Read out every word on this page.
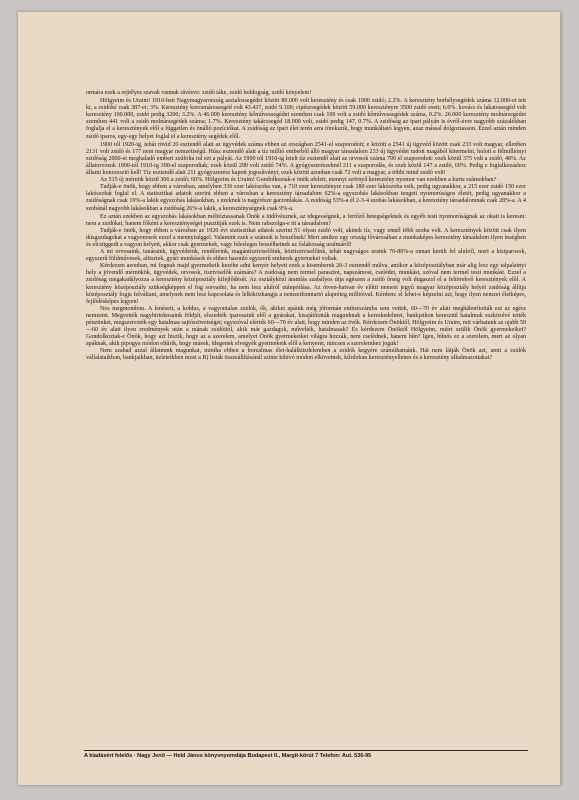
ormára ezek a rejtélyes szavak vannak rávésve: zsidó táke, zsidó boldogság, zsidó kényelem!

Hölgyeim és Uraim! 1910-ben Nagymagyarország asztalossegédei között 80.000 volt keresztény és csak 1900 zsidó; 2.2%. A keresztény borbélysegédek száma 12.000-et tett ki, a zsidóké csak 387-et; 3%. Keresztény korcsmárossegéd volt 43.437, zsidó 9.100; cipészsegédek között 59.000 keresztényre 3500 zsidó esett; 6.0%. kovács és lakatossegéd volt keresztény 100.000, zsidó pedig 3200; 3.2%. A 46.000 keresztény kőművessegédet szemben csak 100 volt a zsidó kőművessegédek száma, 0.2%. 26.000 keresztény molnársegédet szemben 441 volt a zsidó molnársegédek száma; 1.7%. Keresztény takácssegéd 18.000 volt, zsidó pedig 147, 0.7%. A zsidóság az ipari pályán is évről-évre nagyobb százalékban foglalja el a keresztények elől a független és önálló pozíciókat. A zsidóság az ipari élet terén arra törekszik, hogy munkáltató legyen, azaz mással dolgoztasson. Ezzel aztán minden zsidó iparos, egy-egy helyet foglal el a keresztény segédek elől.

1900 tól 1920-ig, tehát rövid 20 esztendő alatt az ügyvédek száma ebben az országban 2541-el szaporodott; e között a 2541 új ügyvéd között csak 233 volt magyar, ellenben 2131 volt zsidó és 177 nem magyar nemzetiségű. Húsz esztendő alatt a tíz millió emberből álló magyar társadalom 233 új ügyvédet tudott magából kitermelni, holott a félmilliónyi zsidóság 2000-et meghaladó embert zsúfolta tul ezt a pályát. Az 1900 tól 1910-ig letelt tíz esztendő alatt az orvosok száma 790 el szaporodott: ezek közül 375 volt a zsidó, 48%. Az állatorvosok 1900-tól 1910-ig 390-el szaporodtak; ezek közül 290 volt zsidó 74%. A gyógyszerészeknél 211 a szaporodás, és ezek közül 147 a zsidó, 69%. Pedig e foglalkozáshoz állami koncesszió kell! Tíz esztendő alatt 211 gyógyszerész kapott jogosítványt, ezek között azonban csak 72 volt a magyar, a többi mind zsidó volt!

Az 515 új mérnök közül 306 a zsidó; 60%. Hölgyeim és Uraim! Gondolkoztak-e önök afelett, mennyi szörnyű keresztény nyomor van ezekben a kurta számokban?

Tudják-e önök, hogy ebben a városban, amelyben 336 ezer lakószoba van, a 710 ezer keresztényre csak 180 ezer lakószoba esik, pedig ugyanakkor, a 215 ezer zsidó 150 ezer lakószobát foglal el. A statisztikai adatok szerint ebben a városban a keresztény társadalom 62%-a egyszobás lakásokban tengeti nyomorúságos életét, pedig ugyanakkor a zsidóságnak csak 19%-a lakik egyszobás lakásokban, s ezeknek is nagyrésze garzonlakás. A zsidóság 53%-a él 2-3-4 szobás lakásokban, a keresztény társadalomnak csak 28%-a. A 4 szobánál nagyobb lakásokban a zsidóság 26%-a lakik, a kereszténységnek csak 9%-a.

Ez aztán ezekben az egyszobás lakásokban méltóztassanak Önök a tüdővésznek, az idegességnek, a fertőző betegségeknek és egyéb testi nyomorúságnak az okait is keresni: nem a zsidókat, hanem főként a kereszténységet pusztítják ezek is. Nem rabszolga-e itt a társadalom?

Tudják-e önök, hogy ebben a városban az 1920 évi statisztikai adatok szerint 51 olyan zsidó volt, akinek tíz, vagy ennél több szoba volt. A keresztények között csak ilyen dúsgazdagokat a vagyonosok ezzel a mennyiséggel. Valamint ezek a számok is beszélnek! Mert amikor egy ország fővárosában a munkaképes keresztény társadalom ilyen ínségben és elcsüggedt a vagyon helyett, akkor csak gyermekek, vagy felesleges beszélhetnek az őslakosság uralmáról!

A mi orvosaink, tanáraink, ügyvédeink, rendőreink, magántisztviselőink, köztisztviselőink, tehát nagyságos uraink 70-80%-a onnan került fel alulról, mert a kisiparosok, egyszerű földművesek, altisztek, gyári munkások és ehhez hasonló egyszerű emberek gyermekei voltak.

Kérdezem azonban, mi fognak majd gyermekeik kezébe adni kenyér helyett ezek a kisemberek 20-3 esztendő múlva, amikor a középosztályban már alig lesz egy talpalatnyi hely a jövendő mérnökök, ügyvédek, orvosok, tisztviselők számára? A zsidóság nem termel parasztot, napszámost, cselédet, munkást, szóval nem termel testi munkást. Ezzel a zsidóság megakadályozza a keresztény középosztály kifejlődését. Az osztályközi áramlás szabályos útja egészen a zsidó őrség volt dugaszol el a feltörekvő keresztények elől. A keresztény középosztály szükségképpen el fog sorvadni, ha nem lesz alulról utánpótlása. Az ötven-hatvan év előtti nemesi jegyű magyar középosztály helyét zsidóság állítja középosztály fogja felváltani, amelynek nem lesz kapcsolata és lelkiközhangja a nemzetfenntartó alapréteg millióival. Kérdem: el lehet-e képzelni azt, hogy ilyen nemzet életképes, fejlődésképes legyen!

Nos megmondom. A lenézett, a koldus, a vagyontalan zsidók, ők, akiket apáink még jóformán emberszámba sem vettek, 60—70 év alatt megháborították ezt az egész nemzetet. Megvették nagybirtokosaink földjét, elszedték iparosaink elől a gyárakat, kisajátították magunknak a kereskedelmet, bankjaikon keresztül hatalmuk eszközévé tették pénzünket, megszerezték egy hatalmas sajtószövetséget; egyszóval elérték 60—70 év alatt, hogy minden az övék. Kérdezem Önöktől, Hölgyeim és Uraim, mit várhatunk az ujabb 50—60 év alatt ilyen eredmények után a mának zsidóitól, akik már gazdagok, művelték, hatalmasak? És kérdezem Önöktől Hölgyeim, miért szülik Önök gyermekeiket? Gondolkoztak-e Önök, hogy azt hiszik, hogy az a szerelem, amelyet Önök gyermekeiket világra hozzák, nem cselédnek, hanem bűn? Igen, bűnös ez a szerelem, mert az olyan apáknak, akik pipogya módon eltűrik, hogy mások, idegenek elvegyék gyermekeik elől a kenyeret, nincsen a szerelemhez joguk!

Nem szabad azzal állatnunk magunkat, mintha ebben a borzalmas élet-halálküzdelemben a zsidók kegyére számíthatnánk. Hát nem látják Önök azt, amit a zsidók vállalataikban, bankjaikban, üzleteikben most a B) listák összeállításánál szinte kihívó módon elkövetnek, kíírdoban keresztényellenes és a keresztény alkalmazottakat?

A kiadásért felelős · Nagy Jenő — Held János könyvnyomdája Budapest II., Margit-körút 7 Telefon: Aut. 536-95
